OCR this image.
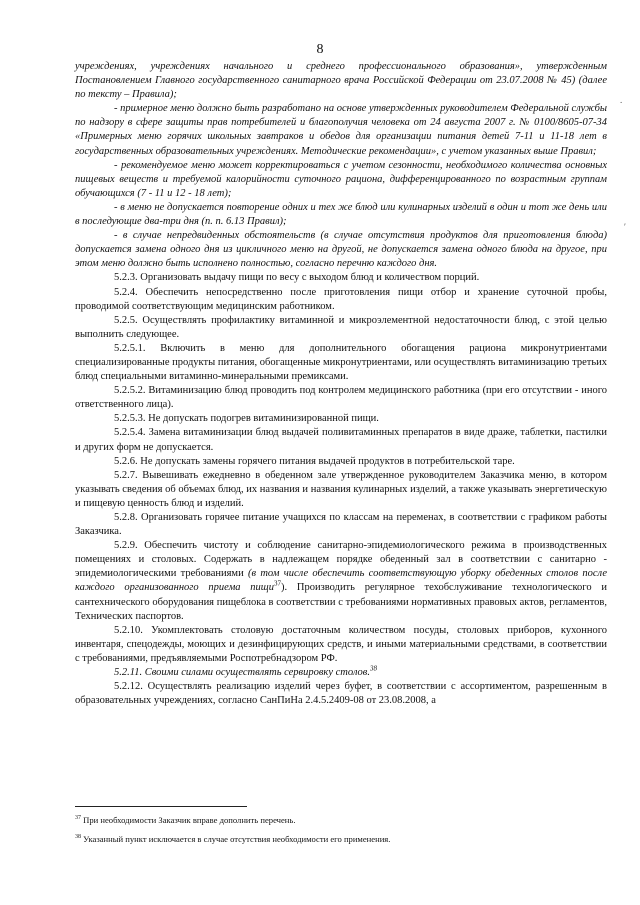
8
.
′

учреждениях, учреждениях начального и среднего профессионального образования», утвержденным Постановлением Главного государственного санитарного врача Российской Федерации от 23.07.2008 № 45) (далее по тексту – Правила);

- примерное меню должно быть разработано на основе утвержденных руководителем Федеральной службы по надзору в сфере защиты прав потребителей и благополучия человека от 24 августа 2007 г. № 0100/8605-07-34 «Примерных меню горячих школьных завтраков и обедов для организации питания детей 7-11 и 11-18 лет в государственных образовательных учреждениях. Методические рекомендации», с учетом указанных выше Правил;

- рекомендуемое меню может корректироваться с учетом сезонности, необходимого количества основных пищевых веществ и требуемой калорийности суточного рациона, дифференцированного по возрастным группам обучающихся (7 - 11 и 12 - 18 лет);

- в меню не допускается повторение одних и тех же блюд или кулинарных изделий в один и тот же день или в последующие два-три дня (п. п. 6.13 Правил);

- в случае непредвиденных обстоятельств (в случае отсутствия продуктов для приготовления блюда) допускается замена одного дня из цикличного меню на другой, не допускается замена одного блюда на другое, при этом меню должно быть исполнено полностью, согласно перечню каждого дня.

5.2.3. Организовать выдачу пищи по весу с выходом блюд и количеством порций.

5.2.4. Обеспечить непосредственно после приготовления пищи отбор и хранение суточной пробы, проводимой соответствующим медицинским работником.

5.2.5. Осуществлять профилактику витаминной и микроэлементной недостаточности блюд, с этой целью выполнить следующее.

5.2.5.1. Включить в меню для дополнительного обогащения рациона микронутриентами специализированные продукты питания, обогащенные микронутриентами, или осуществлять витаминизацию третьих блюд специальными витаминно-минеральными премиксами.

5.2.5.2. Витаминизацию блюд проводить под контролем медицинского работника (при его отсутствии - иного ответственного лица).

5.2.5.3. Не допускать подогрев витаминизированной пищи.

5.2.5.4. Замена витаминизации блюд выдачей поливитаминных препаратов в виде драже, таблетки, пастилки и других форм не допускается.

5.2.6. Не допускать замены горячего питания выдачей продуктов в потребительской таре.

5.2.7. Вывешивать ежедневно в обеденном зале утвержденное руководителем Заказчика меню, в котором указывать сведения об объемах блюд, их названия и названия кулинарных изделий, а также указывать энергетическую и пищевую ценность блюд и изделий.

5.2.8. Организовать горячее питание учащихся по классам на переменах, в соответствии с графиком работы Заказчика.

5.2.9. Обеспечить чистоту и соблюдение санитарно-эпидемиологического режима в производственных помещениях и столовых. Содержать в надлежащем порядке обеденный зал в соответствии с санитарно - эпидемиологическими требованиями (в том числе обеспечить соответствующую уборку обеденных столов после каждого организованного приема пищи$^{37}$). Производить регулярное техобслуживание технологического и сантехнического оборудования пищеблока в соответствии с требованиями нормативных правовых актов, регламентов, Технических паспортов.

5.2.10. Укомплектовать столовую достаточным количеством посуды, столовых приборов, кухонного инвентаря, спецодежды, моющих и дезинфицирующих средств, и иными материальными средствами, в соответствии с требованиями, предъявляемыми Роспотребнадзором РФ.

5.2.11. Своими силами осуществлять сервировку столов.$^{38}$

5.2.12. Осуществлять реализацию изделий через буфет, в соответствии с ассортиментом, разрешенным в образовательных учреждениях, согласно СанПиНа 2.4.5.2409-08 от 23.08.2008, а

$^{37}$ При необходимости Заказчик вправе дополнить перечень.

$^{38}$ Указанный пункт исключается в случае отсутствия необходимости его применения.
